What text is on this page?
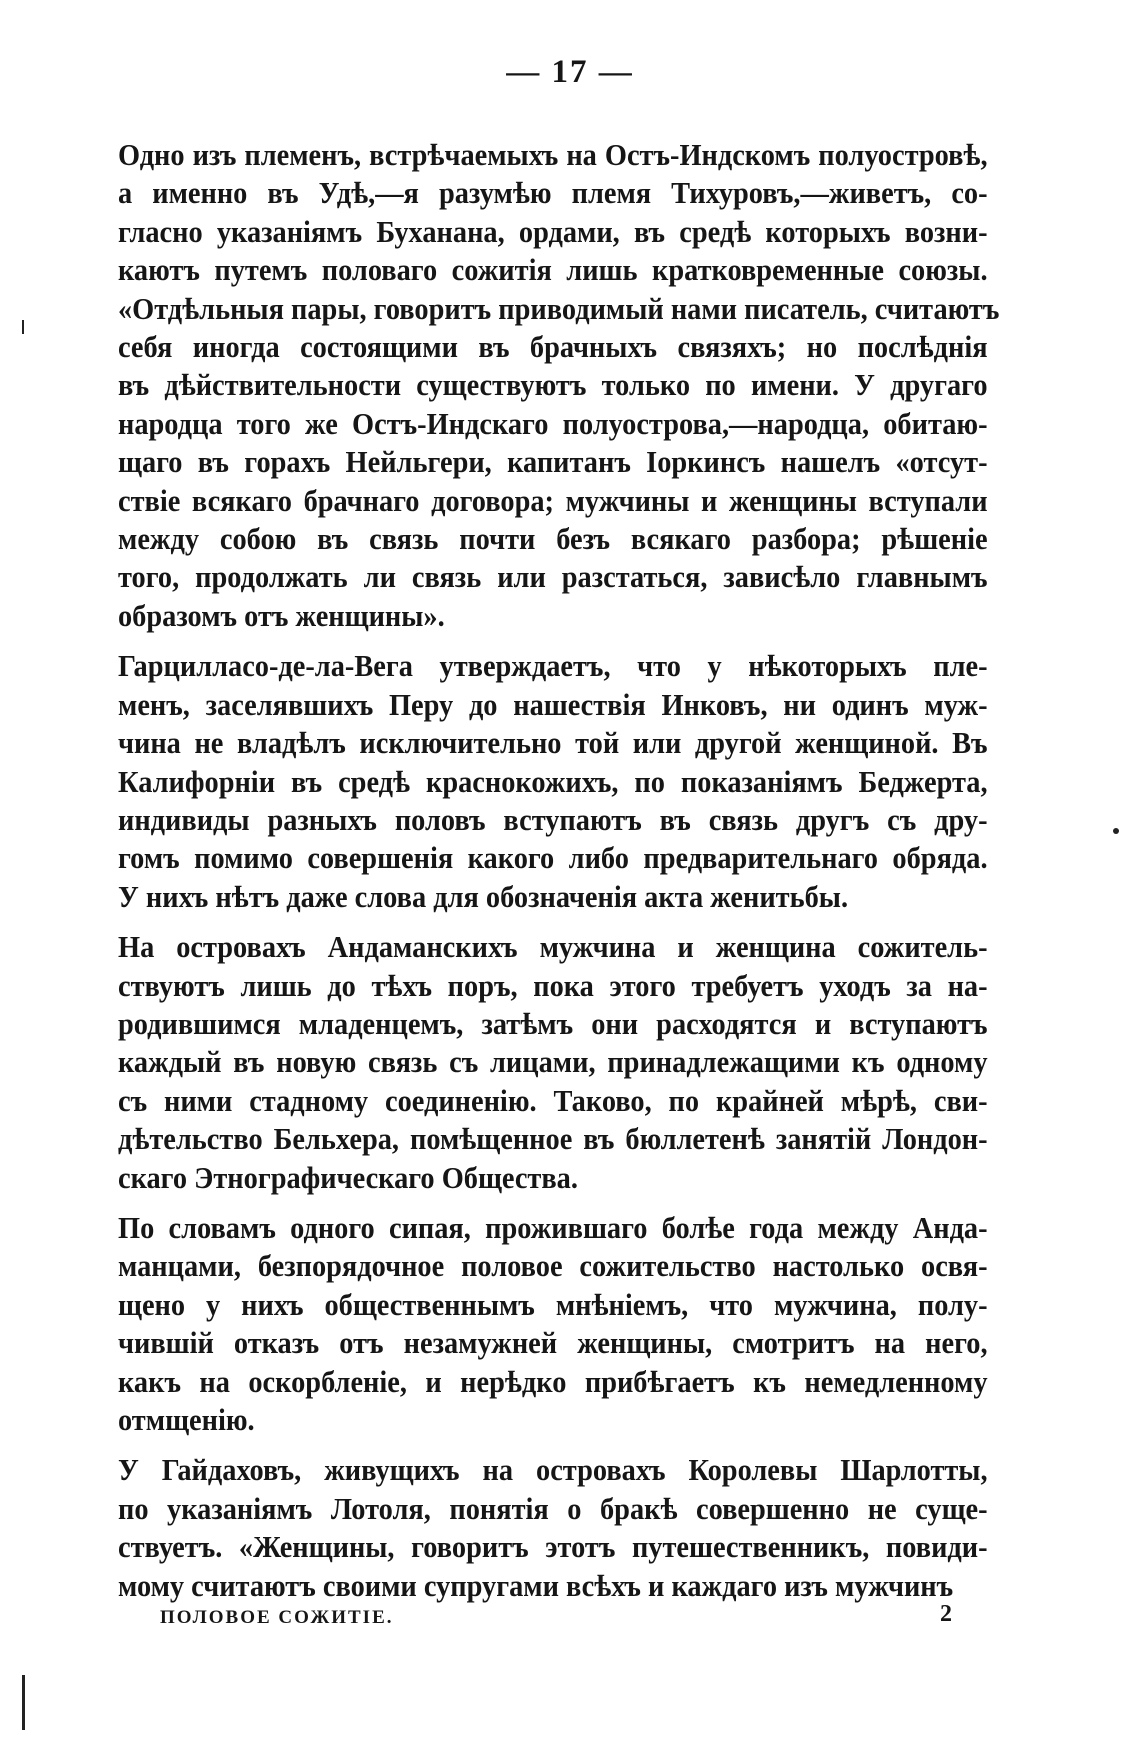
— 17 —
Одно изъ племенъ, встрѣчаемыхъ на Остъ-Индскомъ полуостровѣ,
а именно въ Удѣ,—я разумѣю племя Тихуровъ,—живетъ, со-
гласно указаніямъ Буханана, ордами, въ средѣ которыхъ возни-
каютъ путемъ половаго сожитія лишь кратковременные союзы.
«Отдѣльныя пары, говоритъ приводимый нами писатель, считаютъ
себя иногда состоящими въ брачныхъ связяхъ; но послѣднія
въ дѣйствительности существуютъ только по имени. У другаго
народца того же Остъ-Индскаго полуострова,—народца, обитаю-
щаго въ горахъ Нейльгери, капитанъ Іоркинсъ нашелъ «отсут-
ствіе всякаго брачнаго договора; мужчины и женщины вступали
между собою въ связь почти безъ всякаго разбора; рѣшеніе
того, продолжать ли связь или разстаться, зависѣло главнымъ
образомъ отъ женщины».
Гарцилласо-де-ла-Вега утверждаетъ, что у нѣкоторыхъ пле-
менъ, заселявшихъ Перу до нашествія Инковъ, ни одинъ муж-
чина не владѣлъ исключительно той или другой женщиной. Въ
Калифорніи въ средѣ краснокожихъ, по показаніямъ Беджерта,
индивиды разныхъ половъ вступаютъ въ связь другъ съ дру-
гомъ помимо совершенія какого либо предварительнаго обряда.
У нихъ нѣтъ даже слова для обозначенія акта женитьбы.
На островахъ Андаманскихъ мужчина и женщина сожитель-
ствуютъ лишь до тѣхъ поръ, пока этого требуетъ уходъ за на-
родившимся младенцемъ, затѣмъ они расходятся и вступаютъ
каждый въ новую связь съ лицами, принадлежащими къ одному
съ ними стадному соединенію. Таково, по крайней мѣрѣ, сви-
дѣтельство Бельхера, помѣщенное въ бюллетенѣ занятій Лондон-
скаго Этнографическаго Общества.
По словамъ одного сипая, прожившаго болѣе года между Анда-
манцами, безпорядочное половое сожительство настолько освя-
щено у нихъ общественнымъ мнѣніемъ, что мужчина, полу-
чившій отказъ отъ незамужней женщины, смотритъ на него,
какъ на оскорбленіе, и нерѣдко прибѣгаетъ къ немедленному
отмщенію.
У Гайдаховъ, живущихъ на островахъ Королевы Шарлотты,
по указаніямъ Лотоля, понятія о бракѣ совершенно не суще-
ствуетъ. «Женщины, говоритъ этотъ путешественникъ, повиди-
мому считаютъ своими супругами всѣхъ и каждаго изъ мужчинъ
ПОЛОВОЕ СОЖИТІЕ.	2
